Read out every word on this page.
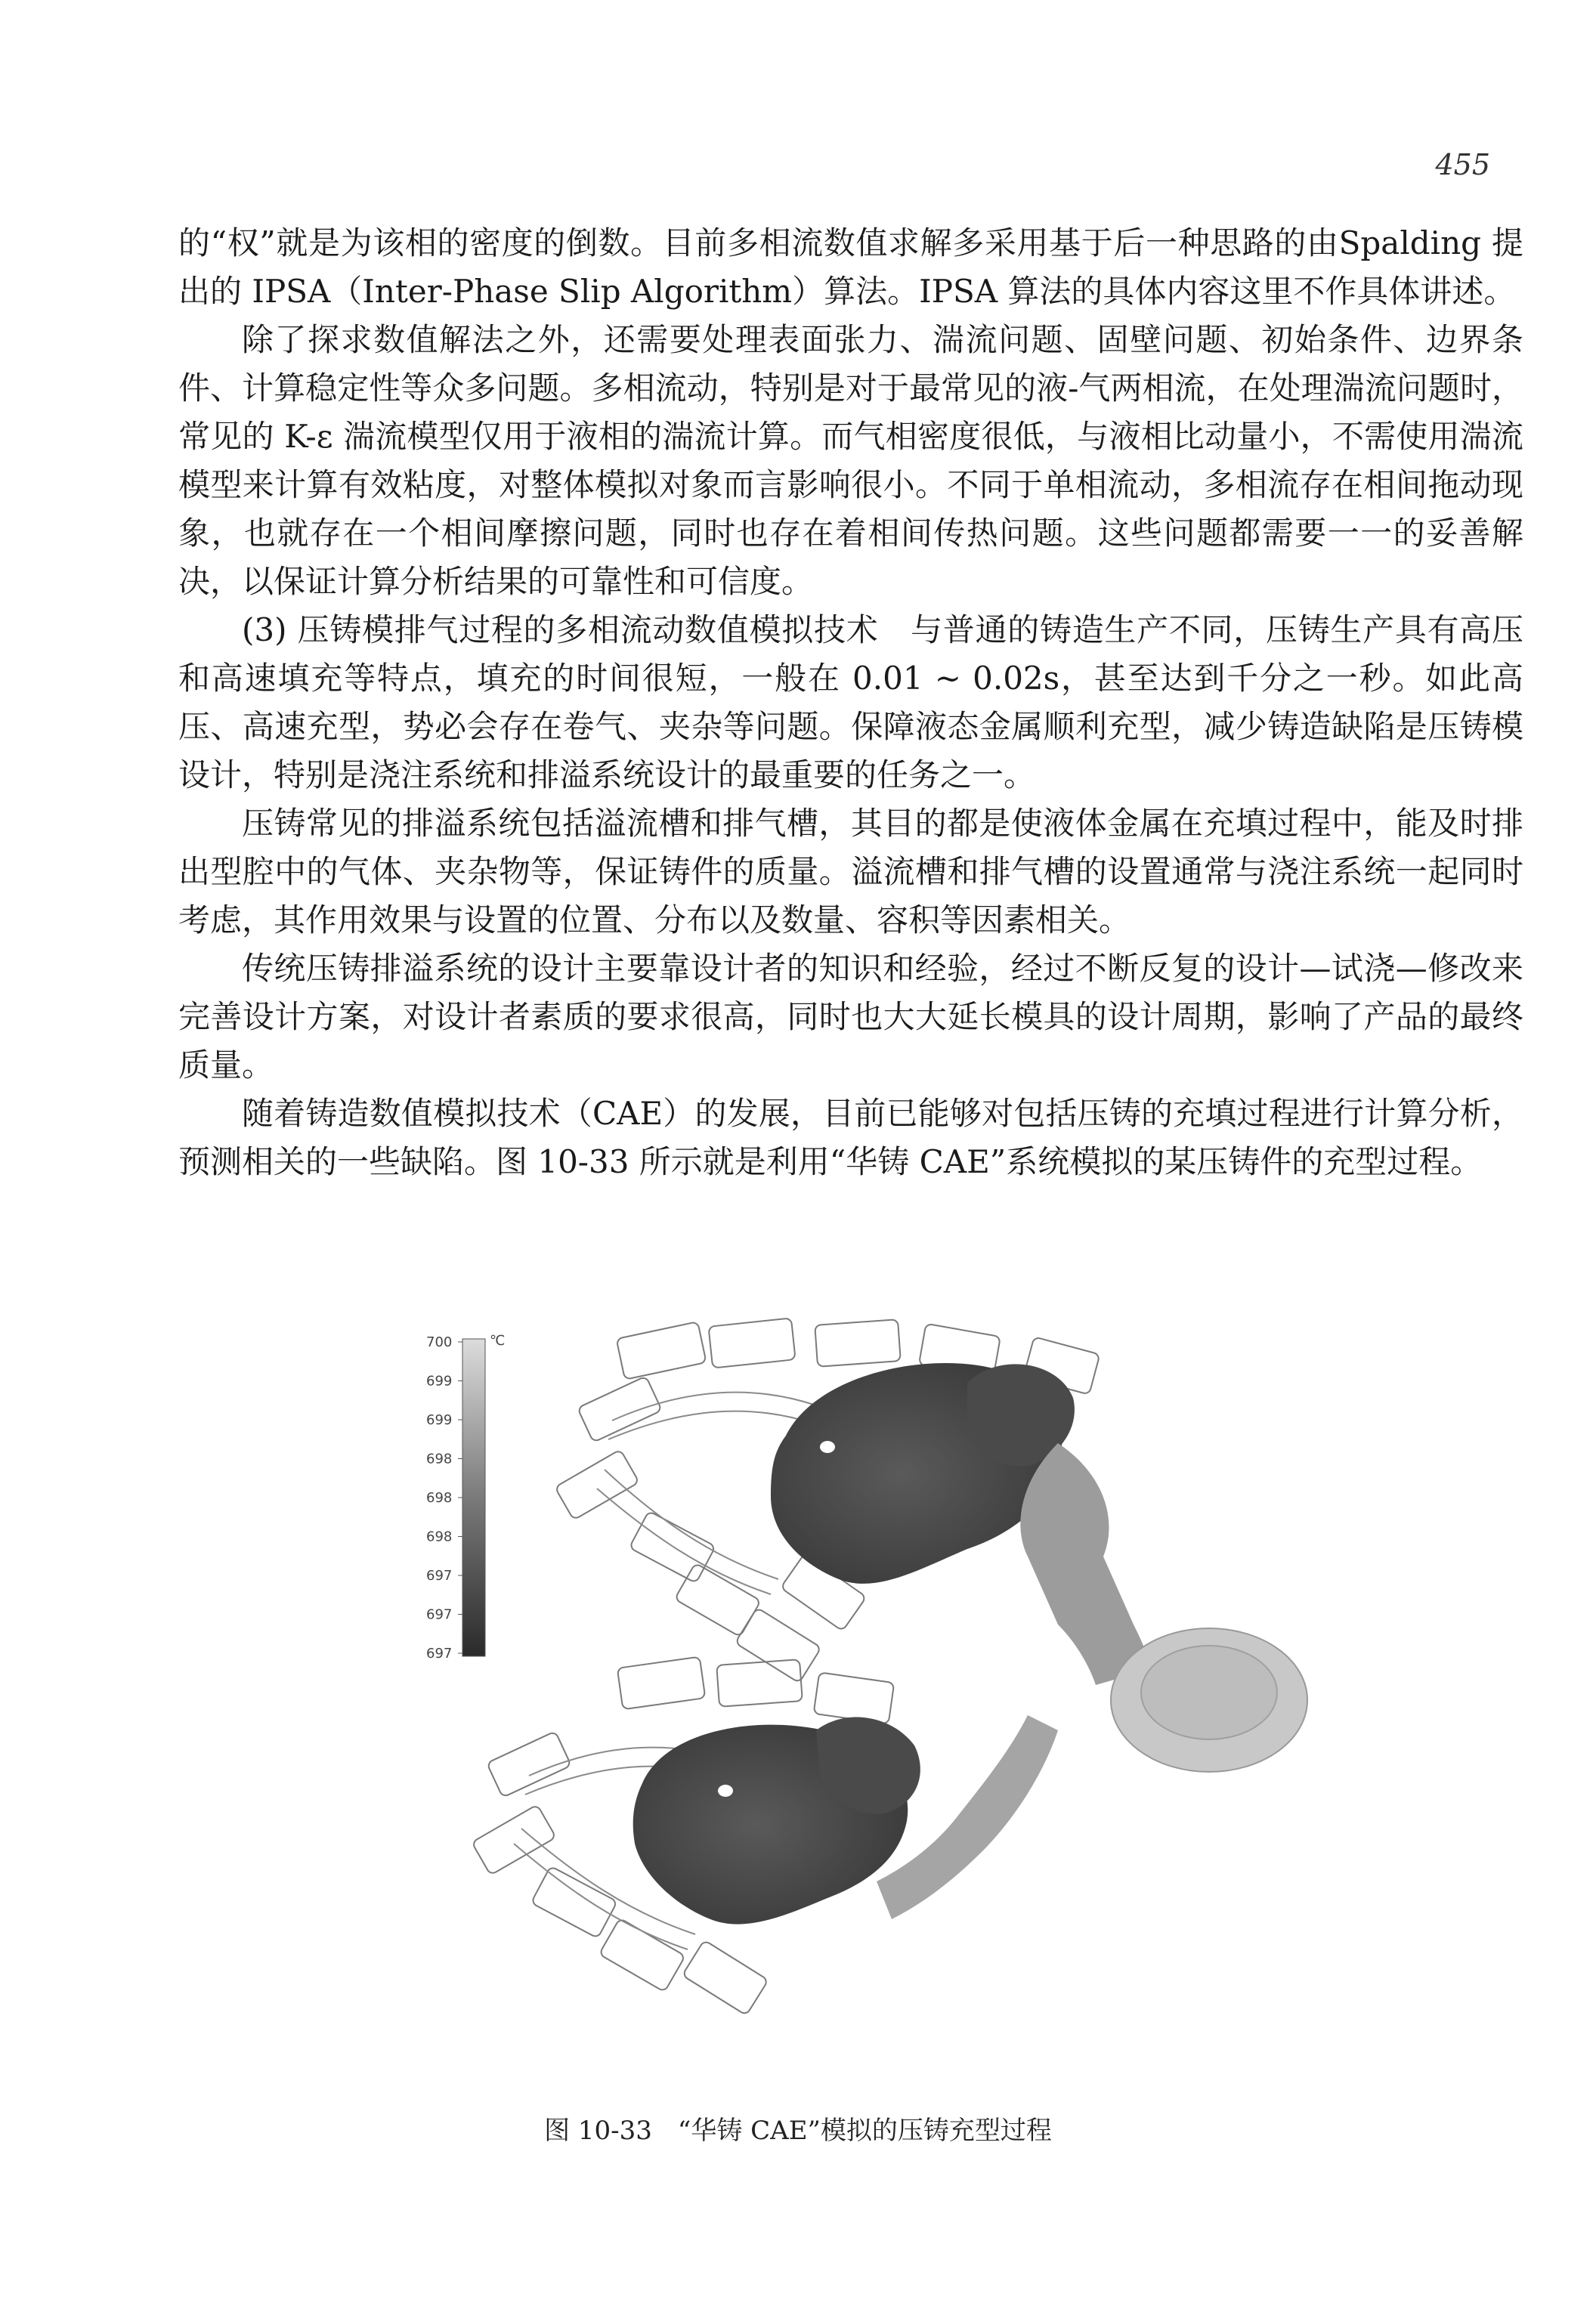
455

的“权”就是为该相的密度的倒数。目前多相流数值求解多采用基于后一种思路的由Spalding 提出的 IPSA（Inter-Phase Slip Algorithm）算法。IPSA 算法的具体内容这里不作具体讲述。

除了探求数值解法之外，还需要处理表面张力、湍流问题、固壁问题、初始条件、边界条件、计算稳定性等众多问题。多相流动，特别是对于最常见的液-气两相流，在处理湍流问题时，常见的 K-ε 湍流模型仅用于液相的湍流计算。而气相密度很低，与液相比动量小，不需使用湍流模型来计算有效粘度，对整体模拟对象而言影响很小。不同于单相流动，多相流存在相间拖动现象，也就存在一个相间摩擦问题，同时也存在着相间传热问题。这些问题都需要一一的妥善解决，以保证计算分析结果的可靠性和可信度。

(3) 压铸模排气过程的多相流动数值模拟技术　与普通的铸造生产不同，压铸生产具有高压和高速填充等特点，填充的时间很短，一般在 0.01 ~ 0.02s，甚至达到千分之一秒。如此高压、高速充型，势必会存在卷气、夹杂等问题。保障液态金属顺利充型，减少铸造缺陷是压铸模设计，特别是浇注系统和排溢系统设计的最重要的任务之一。

压铸常见的排溢系统包括溢流槽和排气槽，其目的都是使液体金属在充填过程中，能及时排出型腔中的气体、夹杂物等，保证铸件的质量。溢流槽和排气槽的设置通常与浇注系统一起同时考虑，其作用效果与设置的位置、分布以及数量、容积等因素相关。

传统压铸排溢系统的设计主要靠设计者的知识和经验，经过不断反复的设计—试浇—修改来完善设计方案，对设计者素质的要求很高，同时也大大延长模具的设计周期，影响了产品的最终质量。

随着铸造数值模拟技术（CAE）的发展，目前已能够对包括压铸的充填过程进行计算分析，预测相关的一些缺陷。图 10-33 所示就是利用“华铸 CAE”系统模拟的某压铸件的充型过程。

℃
700
699
699
698
698
698
697
697
697
图 10-33　“华铸 CAE”模拟的压铸充型过程
